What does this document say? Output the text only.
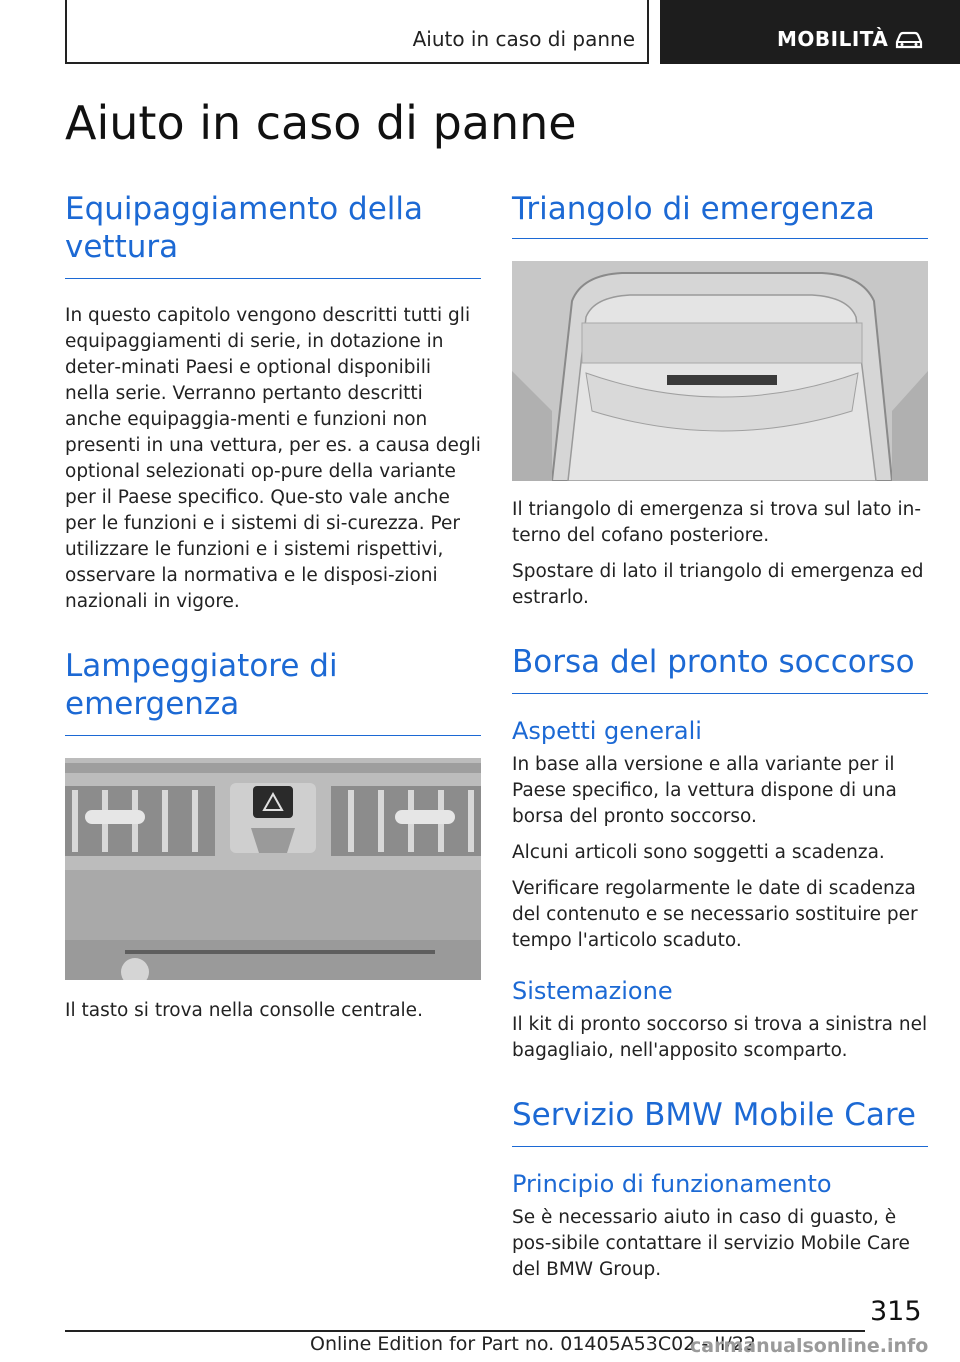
Aiuto in caso di panne	MOBILITÀ
Aiuto in caso di panne
Equipaggiamento della vettura

In questo capitolo vengono descritti tutti gli equipaggiamenti di serie, in dotazione in deter‐minati Paesi e optional disponibili nella serie. Verranno pertanto descritti anche equipaggia‐menti e funzioni non presenti in una vettura, per es. a causa degli optional selezionati op‐pure della variante per il Paese specifico. Que‐sto vale anche per le funzioni e i sistemi di si‐curezza. Per utilizzare le funzioni e i sistemi rispettivi, osservare la normativa e le disposi‐zioni nazionali in vigore.

Lampeggiatore di emergenza

Il tasto si trova nella consolle centrale.

Triangolo di emergenza

Il triangolo di emergenza si trova sul lato in‐terno del cofano posteriore.

Spostare di lato il triangolo di emergenza ed estrarlo.

Borsa del pronto soccorso
Aspetti generali

In base alla versione e alla variante per il Paese specifico, la vettura dispone di una borsa del pronto soccorso.

Alcuni articoli sono soggetti a scadenza.

Verificare regolarmente le date di scadenza del contenuto e se necessario sostituire per tempo l'articolo scaduto.

Sistemazione

Il kit di pronto soccorso si trova a sinistra nel bagagliaio, nell'apposito scomparto.

Servizio BMW Mobile Care
Principio di funzionamento

Se è necessario aiuto in caso di guasto, è pos‐sibile contattare il servizio Mobile Care del BMW Group.

315
Online Edition for Part no. 01405A53C02 - II/22
carmanualsonline.info
